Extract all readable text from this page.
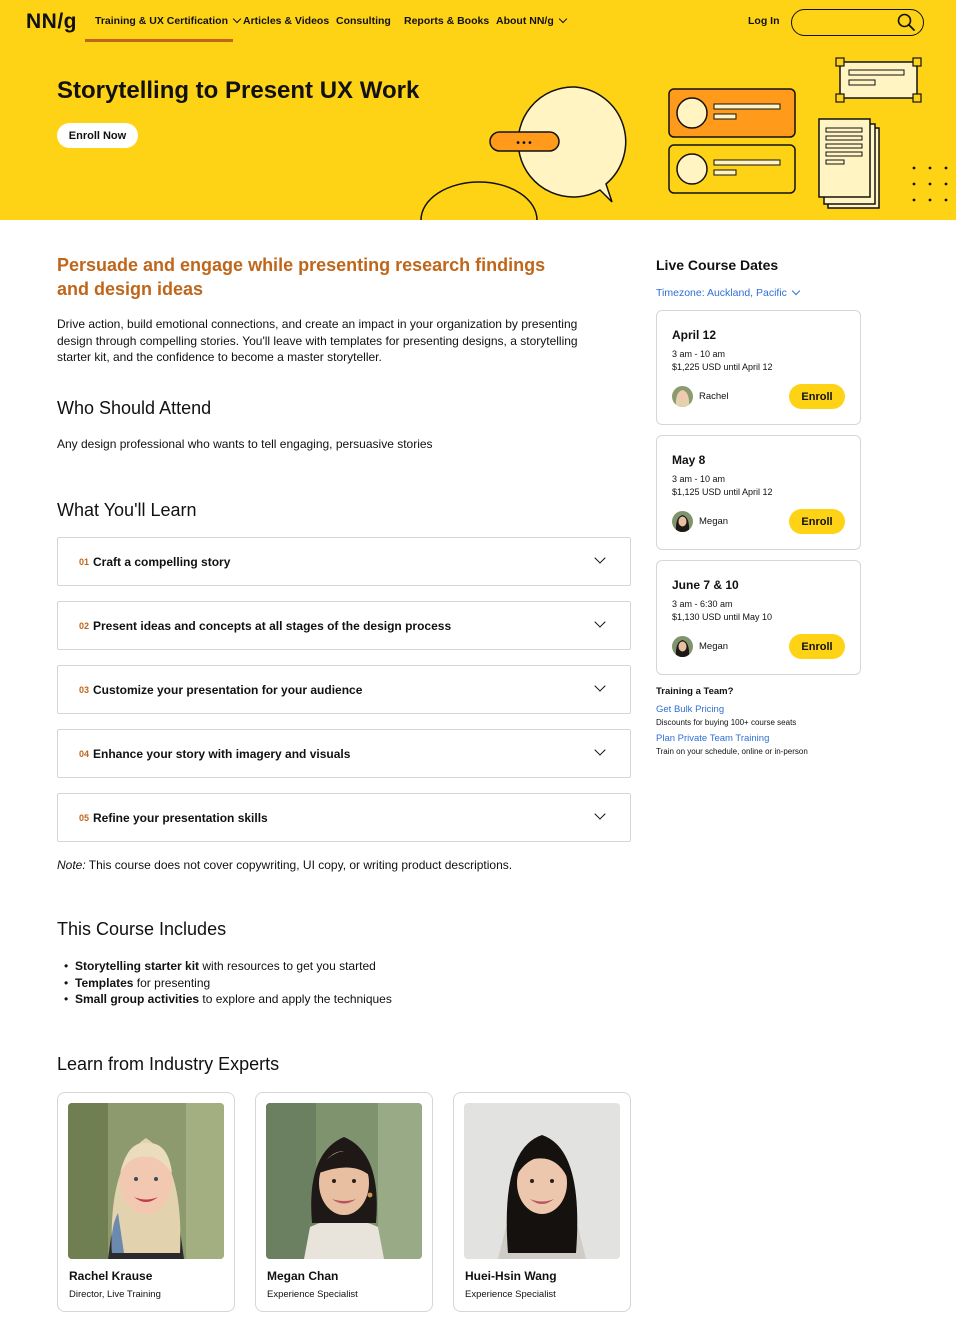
•••
NN/g Training & UX Certification	Articles & Videos Consulting Reports & Books About NN/g	Log In
Storytelling to Present UX Work
Enroll Now
Persuade and engage while presenting research findings and design ideas

Drive action, build emotional connections, and create an impact in your organization by presenting design through compelling stories. You'll leave with templates for presenting designs, a storytelling starter kit, and the confidence to become a master storyteller.

Who Should Attend

Any design professional who wants to tell engaging, persuasive stories

What You'll Learn
01 Craft a compelling story
02 Present ideas and concepts at all stages of the design process
03 Customize your presentation for your audience
04 Enhance your story with imagery and visuals
05 Refine your presentation skills

Note: This course does not cover copywriting, UI copy, or writing product descriptions.

This Course Includes
• Storytelling starter kit with resources to get you started
• Templates for presenting
• Small group activities to explore and apply the techniques
Learn from Industry Experts
Rachel Krause
Director, Live Training
Megan Chan
Experience Specialist
Huei-Hsin Wang
Experience Specialist
Live Course Dates
Timezone: Auckland, Pacific
April 12
3 am - 10 am
$1,225 USD until April 12
Rachel	Enroll
May 8
3 am - 10 am
$1,125 USD until April 12
Megan	Enroll
June 7 & 10
3 am - 6:30 am
$1,130 USD until May 10
Megan	Enroll
Training a Team?
Get Bulk Pricing
Discounts for buying 100+ course seats
Plan Private Team Training
Train on your schedule, online or in-person
